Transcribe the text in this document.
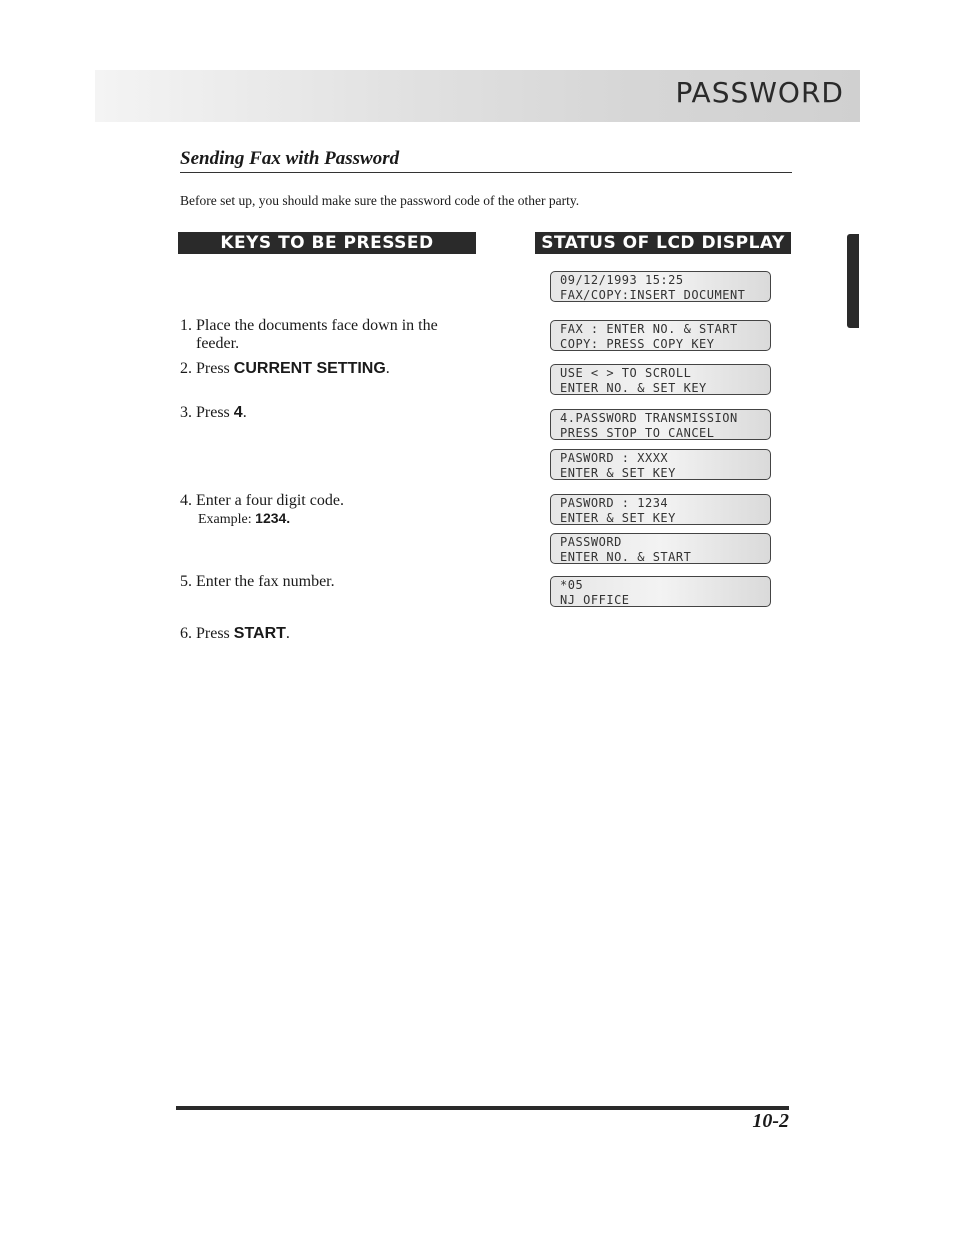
PASSWORD
Sending Fax with Password
Before set up, you should make sure the password code of the other party.
KEYS TO BE PRESSED	STATUS OF LCD DISPLAY
1. Place the documents face down in the
feeder.
2. Press CURRENT SETTING.
3. Press 4.
4. Enter a four digit code.
Example: 1234.
5. Enter the fax number.
6. Press START.
09/12/1993 15:25
FAX/COPY:INSERT DOCUMENT
FAX : ENTER NO. & START
COPY: PRESS COPY KEY
USE < > TO SCROLL
ENTER NO. & SET KEY
4.PASSWORD TRANSMISSION
PRESS STOP TO CANCEL
PASWORD : XXXX
ENTER & SET KEY
PASWORD : 1234
ENTER & SET KEY
PASSWORD
ENTER NO. & START
*05
NJ OFFICE
10-2
